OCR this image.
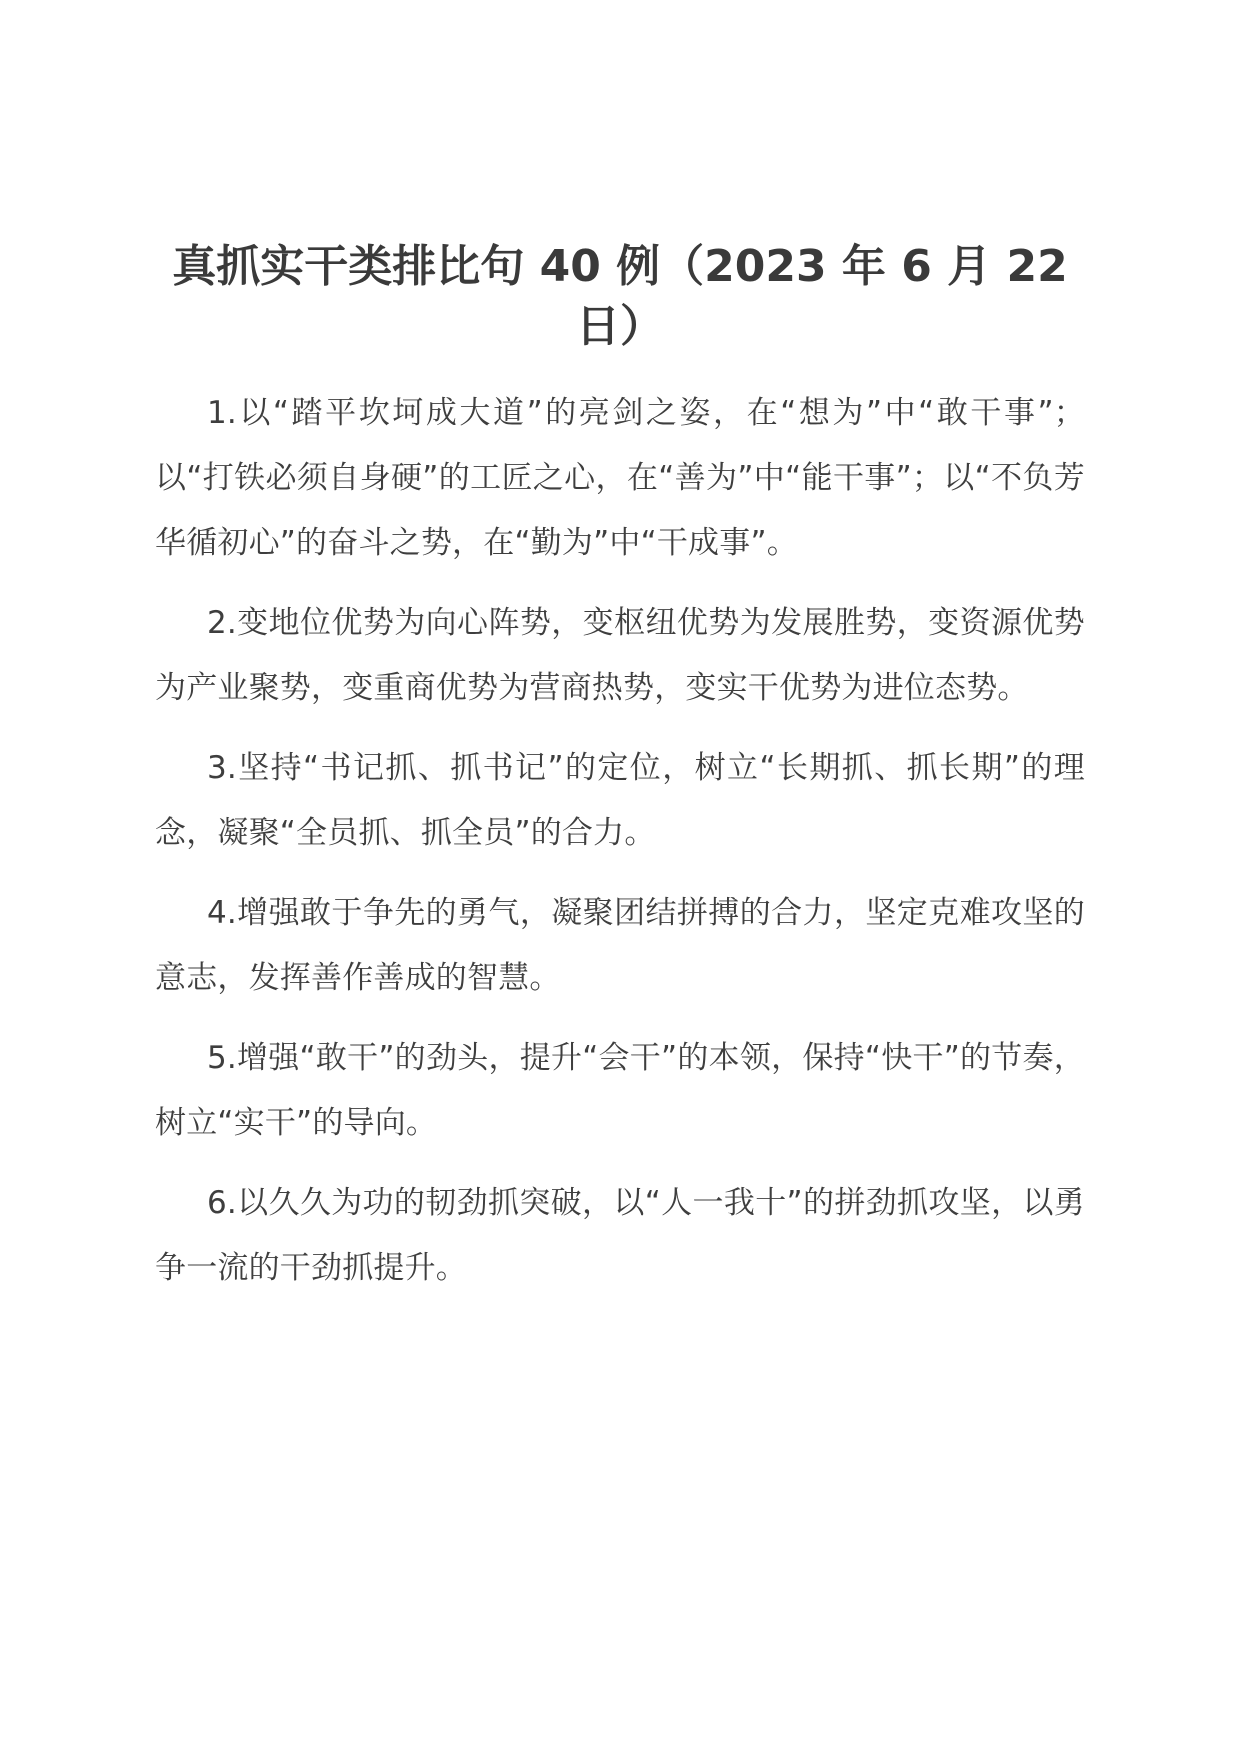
真抓实干类排比句 40 例（2023 年 6 月 22 日）

1.以“踏平坎坷成大道”的亮剑之姿，在“想为”中“敢干事”；以“打铁必须自身硬”的工匠之心，在“善为”中“能干事”；以“不负芳华循初心”的奋斗之势，在“勤为”中“干成事”。

2.变地位优势为向心阵势，变枢纽优势为发展胜势，变资源优势为产业聚势，变重商优势为营商热势，变实干优势为进位态势。

3.坚持“书记抓、抓书记”的定位，树立“长期抓、抓长期”的理念，凝聚“全员抓、抓全员”的合力。

4.增强敢于争先的勇气，凝聚团结拼搏的合力，坚定克难攻坚的意志，发挥善作善成的智慧。

5.增强“敢干”的劲头，提升“会干”的本领，保持“快干”的节奏，树立“实干”的导向。

6.以久久为功的韧劲抓突破，以“人一我十”的拼劲抓攻坚，以勇争一流的干劲抓提升。
